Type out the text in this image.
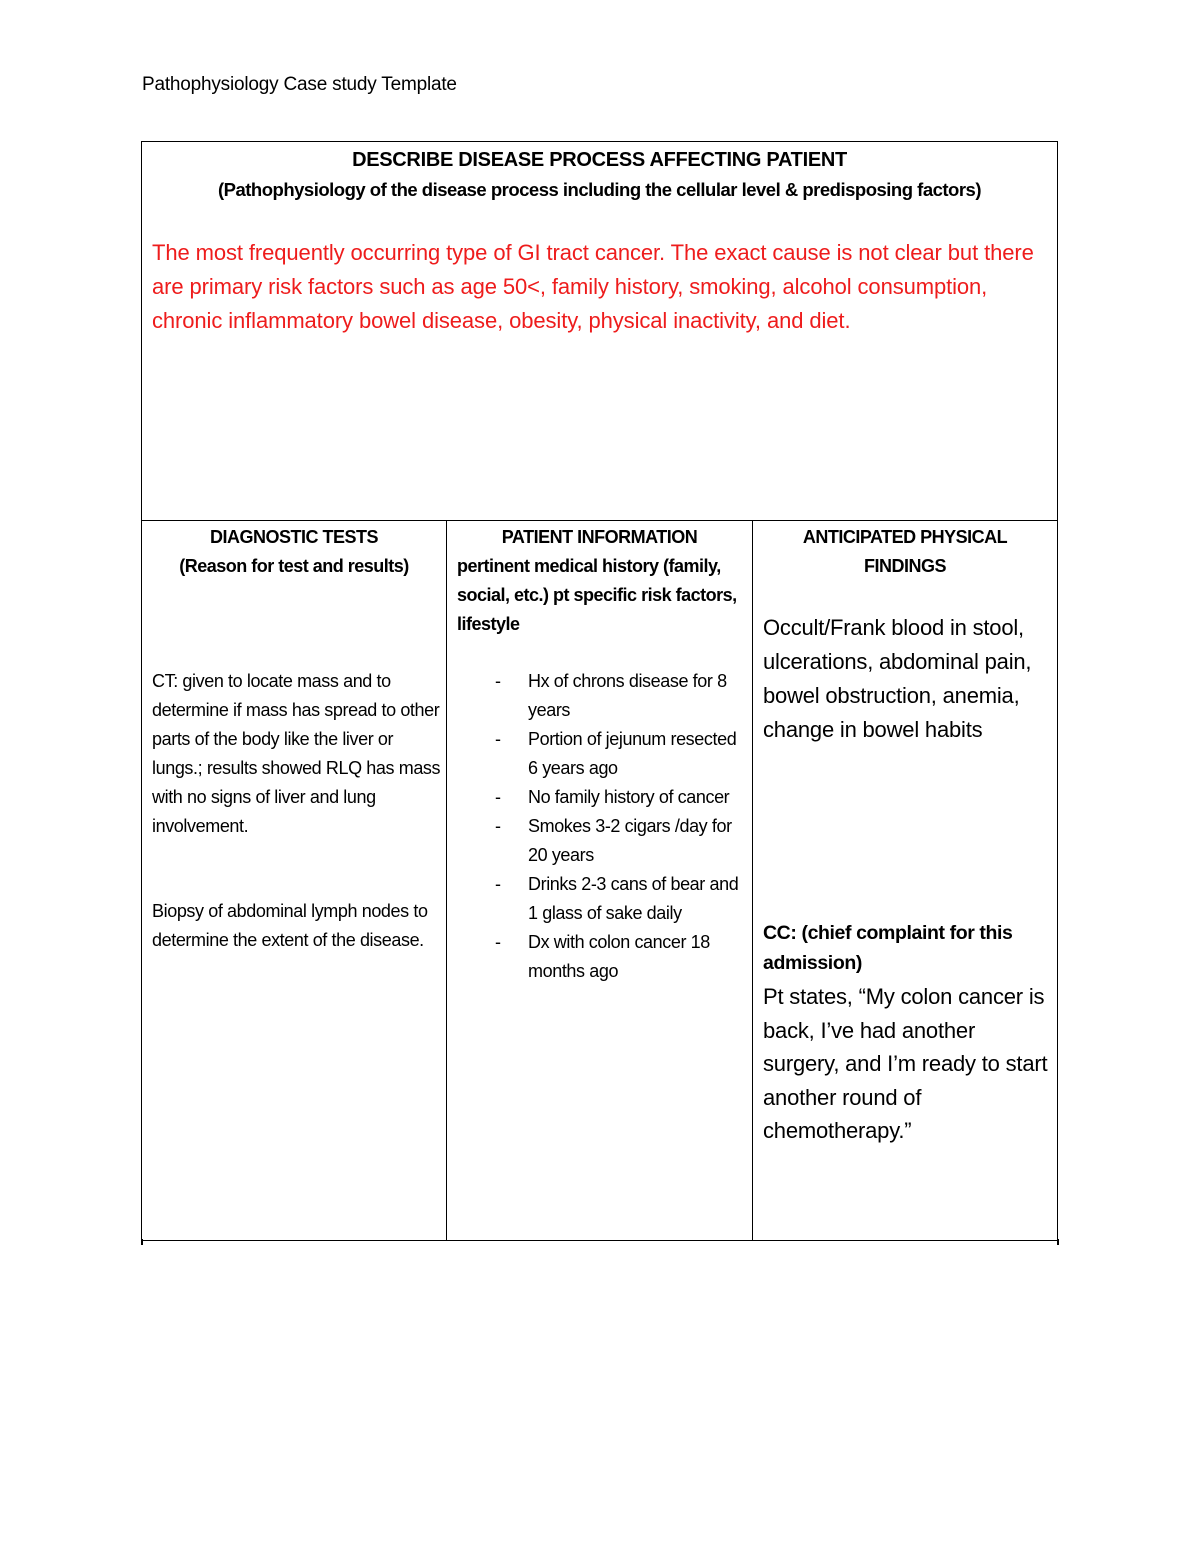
Pathophysiology Case study Template
DESCRIBE DISEASE PROCESS AFFECTING PATIENT
(Pathophysiology of the disease process including the cellular level & predisposing factors)
The most frequently occurring type of GI tract cancer. The exact cause is not clear but there are primary risk factors such as age 50<, family history, smoking, alcohol consumption, chronic inflammatory bowel disease, obesity, physical inactivity, and diet.
DIAGNOSTIC TESTS
(Reason for test and results)
CT: given to locate mass and to determine if mass has spread to other parts of the body like the liver or lungs.; results showed RLQ has mass with no signs of liver and lung involvement.
Biopsy of abdominal lymph nodes to determine the extent of the disease.
PATIENT INFORMATION
pertinent medical history (family, social, etc.) pt specific risk factors, lifestyle
- Hx of chrons disease for 8 years
- Portion of jejunum resected 6 years ago
- No family history of cancer
- Smokes 3-2 cigars /day for 20 years
- Drinks 2-3 cans of bear and 1 glass of sake daily
- Dx with colon cancer 18 months ago
ANTICIPATED PHYSICAL FINDINGS
Occult/Frank blood in stool, ulcerations, abdominal pain, bowel obstruction, anemia, change in bowel habits
CC: (chief complaint for this admission)
Pt states, “My colon cancer is back, I’ve had another surgery, and I’m ready to start another round of chemotherapy.”
